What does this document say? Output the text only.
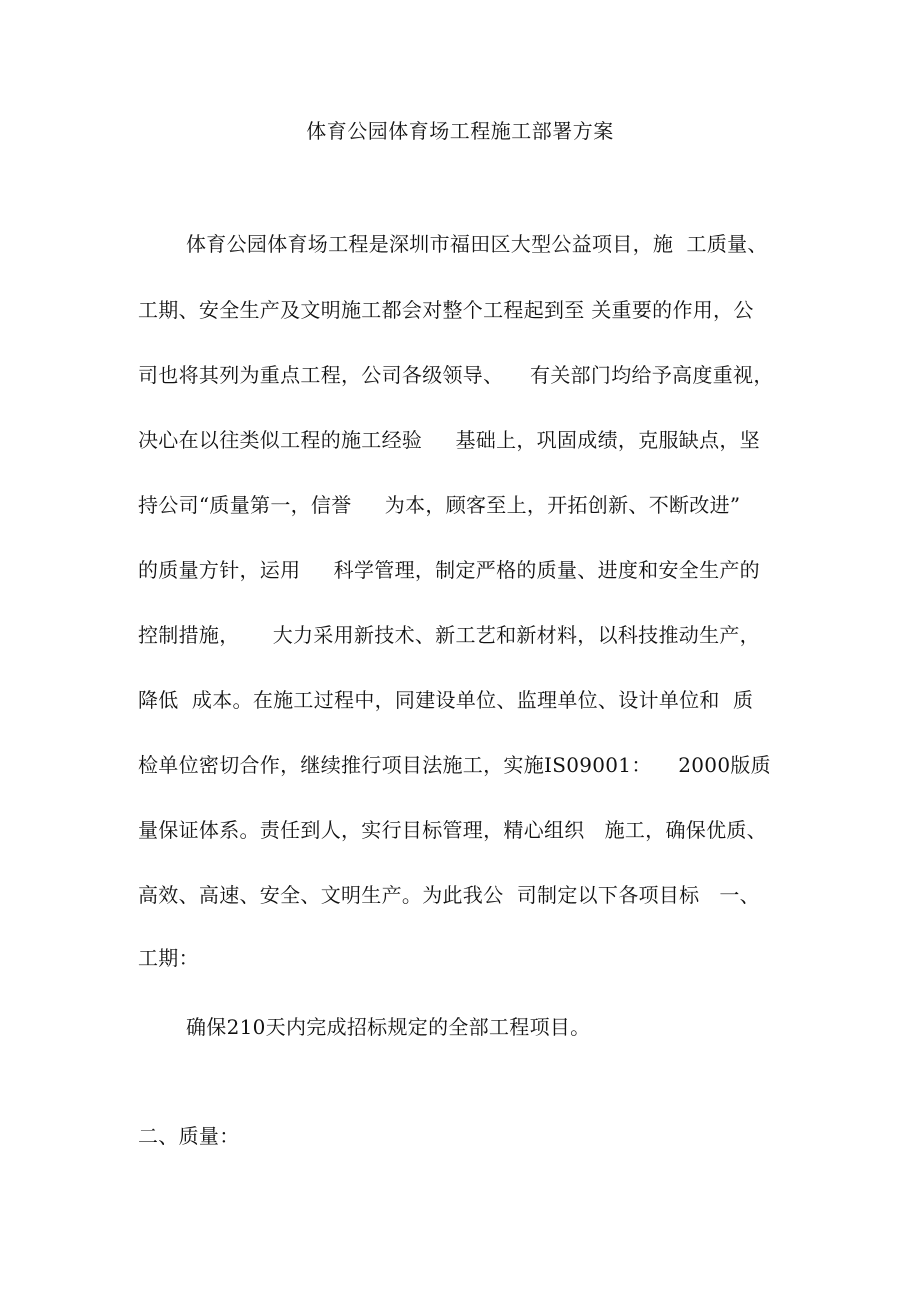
体育公园体育场工程施工部署方案
体育公园体育场工程是深圳市福田区大型公益项目，施  工质量、
工期、安全生产及文明施工都会对整个工程起到至 关重要的作用，公
司也将其列为重点工程，公司各级领导、    有关部门均给予高度重视，
决心在以往类似工程的施工经验     基础上，巩固成绩，克服缺点，坚
持公司“质量第一，信誉     为本，顾客至上，开拓创新、不断改进”
的质量方针，运用     科学管理，制定严格的质量、进度和安全生产的
控制措施，     大力采用新技术、新工艺和新材料，以科技推动生产，
降低  成本。在施工过程中，同建设单位、监理单位、设计单位和  质
检单位密切合作，继续推行项目法施工，实施IS09001：    2000版质
量保证体系。责任到人，实行目标管理，精心组织   施工，确保优质、
高效、高速、安全、文明生产。为此我公  司制定以下各项目标   一、
工期：
确保210天内完成招标规定的全部工程项目。
二、质量：
